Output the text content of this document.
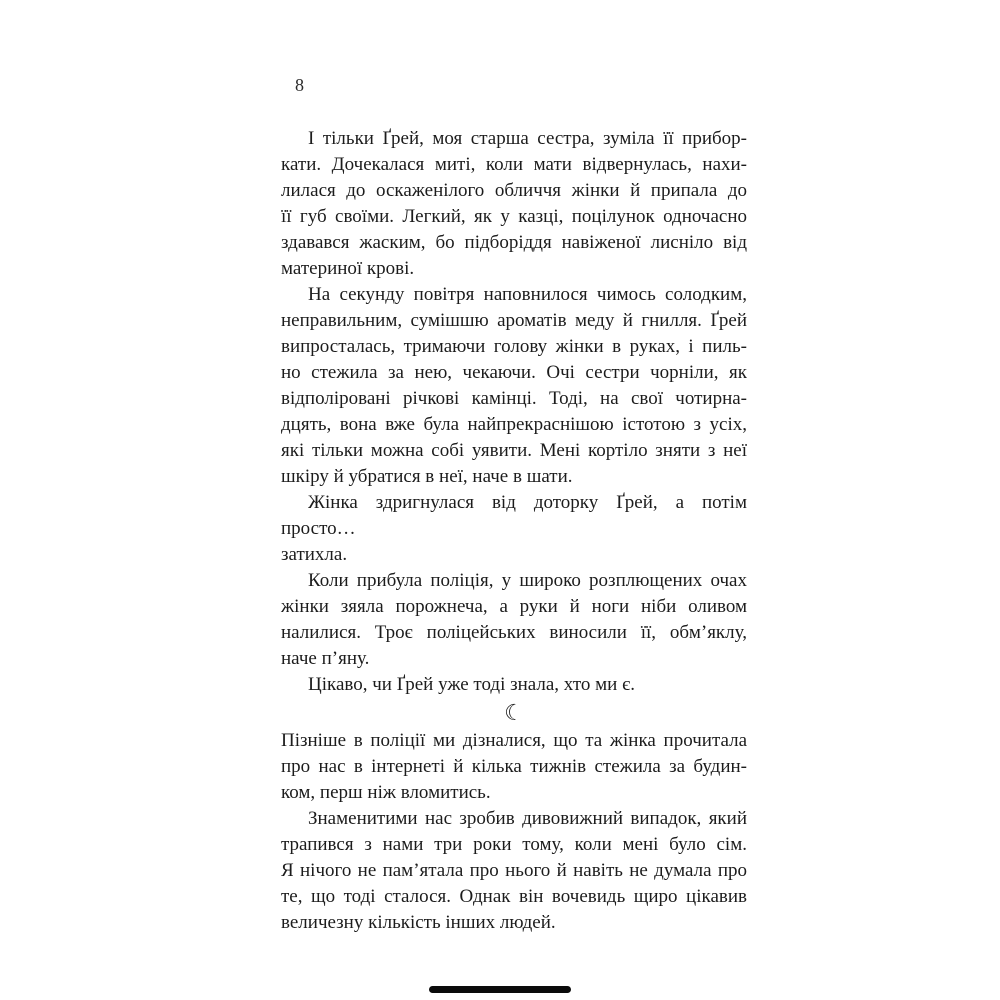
8
І тільки Ґрей, моя старша сестра, зуміла її прибор-
кати. Дочекалася миті, коли мати відвернулась, нахи-
лилася до оскаженілого обличчя жінки й припала до
її губ своїми. Легкий, як у казці, поцілунок одночасно
здавався жаским, бо підборіддя навіженої лисніло від
материної крові.
На секунду повітря наповнилося чимось солодким,
неправильним, сумішшю ароматів меду й гнилля. Ґрей
випросталась, тримаючи голову жінки в руках, і пиль-
но стежила за нею, чекаючи. Очі сестри чорніли, як
відполіровані річкові камінці. Тоді, на свої чотирна-
дцять, вона вже була найпрекраснішою істотою з усіх,
які тільки можна собі уявити. Мені кортіло зняти з неї
шкіру й убратися в неї, наче в шати.
Жінка здригнулася від доторку Ґрей, а потім просто…
затихла.
Коли прибула поліція, у широко розплющених очах
жінки зяяла порожнеча, а руки й ноги ніби оливом
налилися. Троє поліцейських виносили її, обм’яклу,
наче п’яну.
Цікаво, чи Ґрей уже тоді знала, хто ми є.
☾
Пізніше в поліції ми дізналися, що та жінка прочитала
про нас в інтернеті й кілька тижнів стежила за будин-
ком, перш ніж вломитись.
Знаменитими нас зробив дивовижний випадок, який
трапився з нами три роки тому, коли мені було сім.
Я нічого не пам’ятала про нього й навіть не думала про
те, що тоді сталося. Однак він вочевидь щиро цікавив
величезну кількість інших людей.
